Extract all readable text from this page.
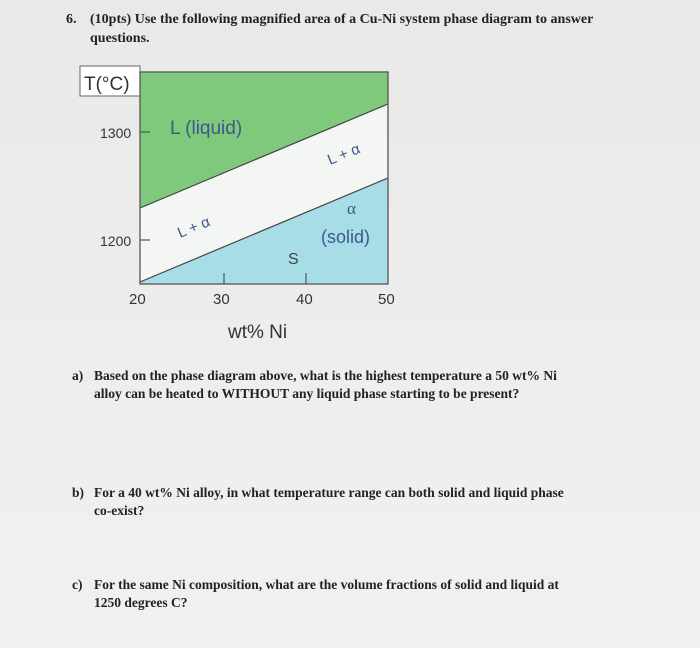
6. (10pts) Use the following magnified area of a Cu-Ni system phase diagram to answer
questions.
T(°C)
1300
1200
20	30	40	50
wt% Ni
L (liquid)
L + α
L + α
α
(solid)
S
a) Based on the phase diagram above, what is the highest temperature a 50 wt% Ni
alloy can be heated to WITHOUT any liquid phase starting to be present?
b) For a 40 wt% Ni alloy, in what temperature range can both solid and liquid phase
co-exist?
c) For the same Ni composition, what are the volume fractions of solid and liquid at
1250 degrees C?
